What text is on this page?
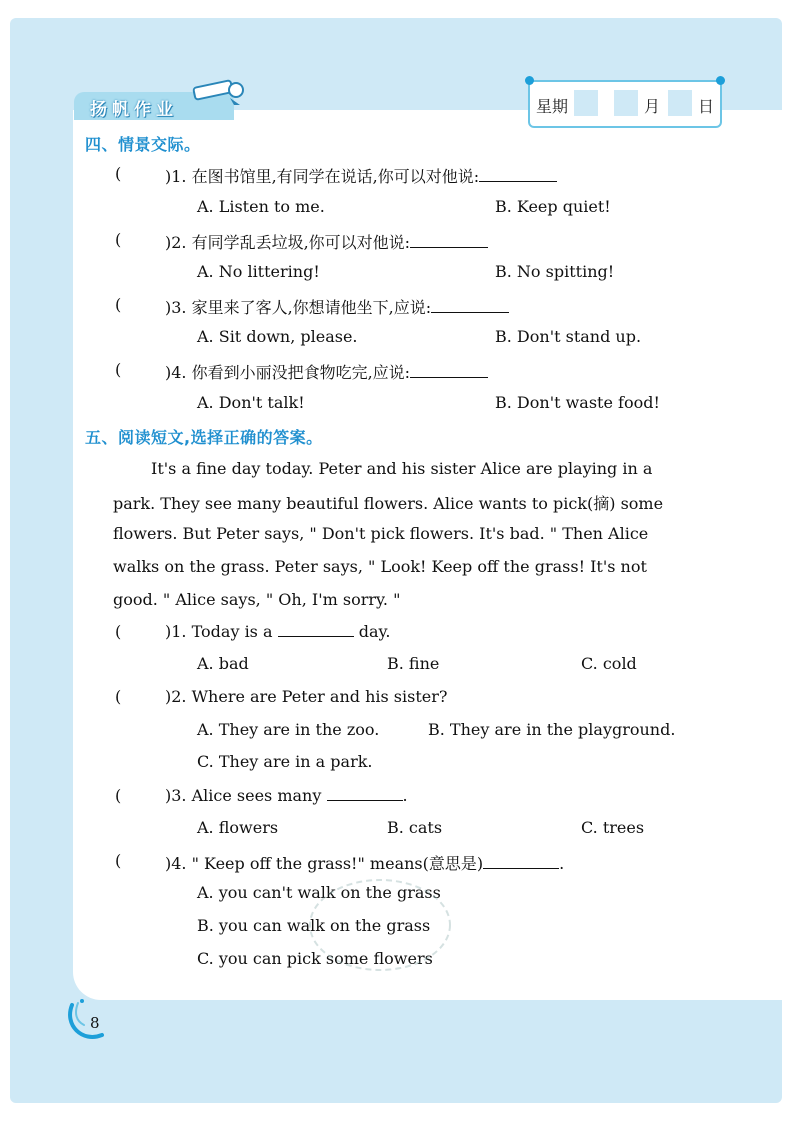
扬帆作业	星期	月 日
四、情景交际。
(	)1. 在图书馆里,有同学在说话,你可以对他说:
A. Listen to me.	B. Keep quiet!
(	)2. 有同学乱丢垃圾,你可以对他说:
A. No littering!	B. No spitting!
(	)3. 家里来了客人,你想请他坐下,应说:
A. Sit down, please.	B. Don't stand up.
(	)4. 你看到小丽没把食物吃完,应说:
A. Don't talk!	B. Don't waste food!
五、阅读短文,选择正确的答案。
It's a fine day today. Peter and his sister Alice are playing in a
park. They see many beautiful flowers. Alice wants to pick(摘) some
flowers. But Peter says, " Don't pick flowers. It's bad. " Then Alice
walks on the grass. Peter says, " Look! Keep off the grass! It's not
good. " Alice says, " Oh, I'm sorry. "
(	)1. Today is a	day.
A. bad	B. fine	C. cold
(	)2. Where are Peter and his sister?
A. They are in the zoo.	B. They are in the playground.
C. They are in a park.
(	)3. Alice sees many	.
A. flowers	B. cats	C. trees
(	)4. " Keep off the grass!" means(意思是)	.
A. you can't walk on the grass
B. you can walk on the grass
C. you can pick some flowers
8
